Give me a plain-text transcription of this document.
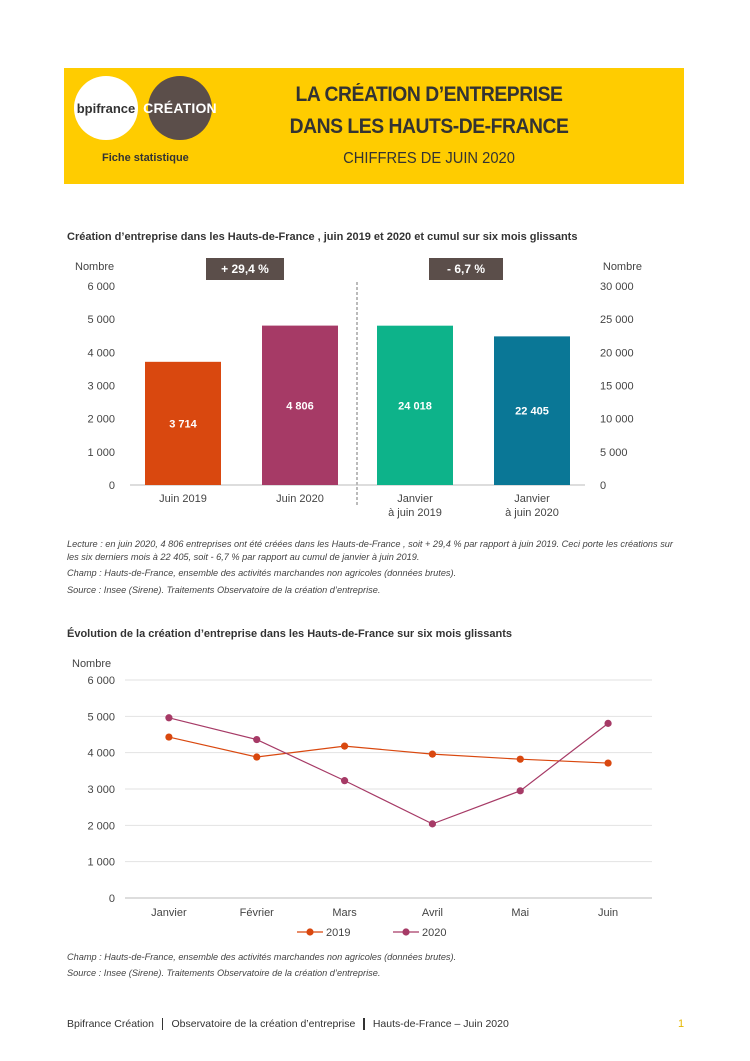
bpifrance CRÉATION
Fiche statistique
LA CRÉATION D’ENTREPRISE
DANS LES HAUTS-DE-FRANCE
CHIFFRES DE JUIN 2020
Création d’entreprise dans les Hauts-de-France , juin 2019 et 2020 et cumul sur six mois glissants
Nombre	Nombre
6 000
5 000
4 000
3 000
2 000
1 000
0
30 000
25 000
20 000
15 000
10 000
5 000
0
+ 29,4 %	- 6,7 %
3 714
Juin 2019
4 806
Juin 2020
24 018
Janvier
à juin 2019
22 405
Janvier
à juin 2020
Lecture : en juin 2020, 4 806 entreprises ont été créées dans les Hauts-de-France , soit + 29,4 % par rapport à juin 2019. Ceci porte les créations sur les six derniers mois à 22 405, soit - 6,7 % par rapport au cumul de janvier à juin 2019.
Champ : Hauts-de-France, ensemble des activités marchandes non agricoles (données brutes).
Source : Insee (Sirene). Traitements Observatoire de la création d’entreprise.
Évolution de la création d’entreprise dans les Hauts-de-France sur six mois glissants
Nombre
6 000
5 000
4 000
3 000
2 000
1 000
0
Janvier	Février	Mars	Avril	Mai	Juin
2019	2020
Champ : Hauts-de-France, ensemble des activités marchandes non agricoles (données brutes).
Source : Insee (Sirene). Traitements Observatoire de la création d’entreprise.
Bpifrance Création Observatoire de la création d’entreprise Hauts-de-France – Juin 2020	1
